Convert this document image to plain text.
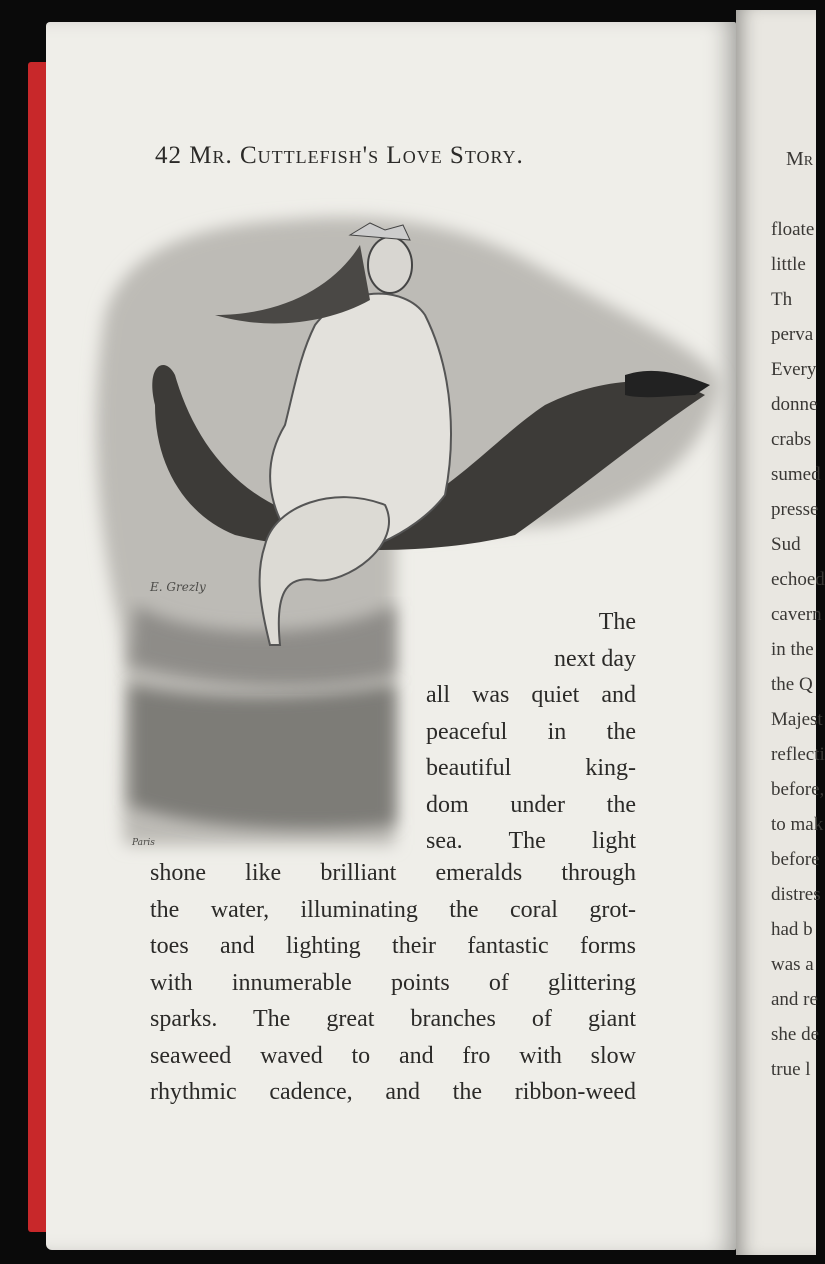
Mr
floate
little
Th
perva
Every
donne
crabs
sumed
presse
Sud
echoed
cavern
in the
the Q
Majest
reflecti
before,
to mak
before
distres
had b
was a
and re
she de
true l
42 Mr. Cuttlefish's Love Story.
E. Grezly
Paris
The
next day
all was quiet and
peaceful in the
beautiful king-
dom under the
sea. The light
shone like brilliant emeralds through
the water, illuminating the coral grot-
toes and lighting their fantastic forms
with innumerable points of glittering
sparks. The great branches of giant
seaweed waved to and fro with slow
rhythmic cadence, and the ribbon-weed
